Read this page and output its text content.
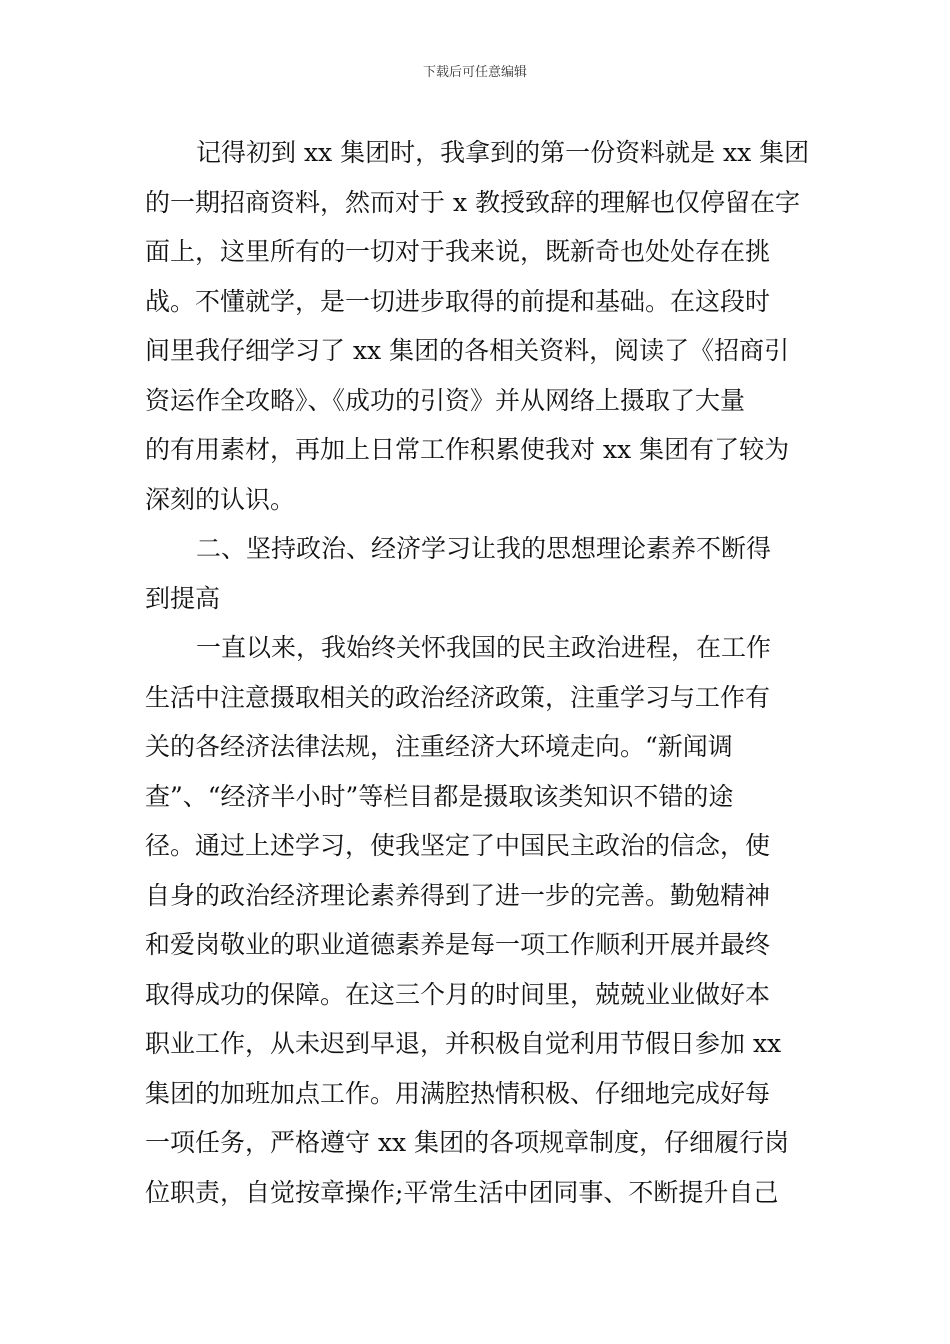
下载后可任意编辑
记得初到 xx 集团时，我拿到的第一份资料就是 xx 集团
的一期招商资料，然而对于 x 教授致辞的理解也仅停留在字
面上，这里所有的一切对于我来说，既新奇也处处存在挑
战。不懂就学，是一切进步取得的前提和基础。在这段时
间里我仔细学习了 xx 集团的各相关资料，阅读了《招商引
资运作全攻略》、《成功的引资》并从网络上摄取了大量
的有用素材，再加上日常工作积累使我对 xx 集团有了较为
深刻的认识。
二、坚持政治、经济学习让我的思想理论素养不断得
到提高
一直以来，我始终关怀我国的民主政治进程，在工作
生活中注意摄取相关的政治经济政策，注重学习与工作有
关的各经济法律法规，注重经济大环境走向。“新闻调
查”、“经济半小时”等栏目都是摄取该类知识不错的途
径。通过上述学习，使我坚定了中国民主政治的信念，使
自身的政治经济理论素养得到了进一步的完善。勤勉精神
和爱岗敬业的职业道德素养是每一项工作顺利开展并最终
取得成功的保障。在这三个月的时间里，兢兢业业做好本
职业工作，从未迟到早退，并积极自觉利用节假日参加 xx
集团的加班加点工作。用满腔热情积极、仔细地完成好每
一项任务，严格遵守 xx 集团的各项规章制度，仔细履行岗
位职责，自觉按章操作;平常生活中团同事、不断提升自己
